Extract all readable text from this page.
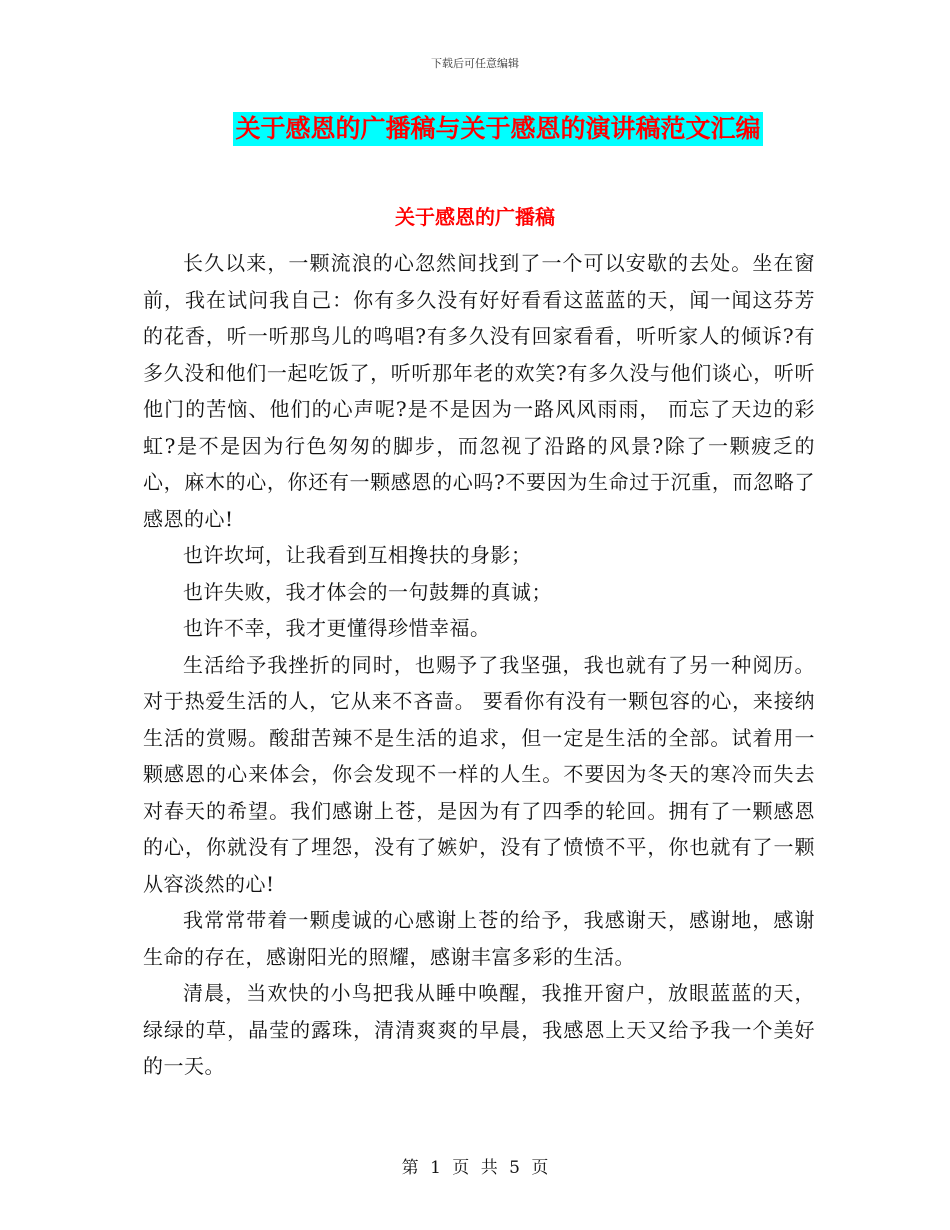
下载后可任意编辑
关于感恩的广播稿与关于感恩的演讲稿范文汇编
关于感恩的广播稿

长久以来，一颗流浪的心忽然间找到了一个可以安歇的去处。坐在窗前，我在试问我自己：你有多久没有好好看看这蓝蓝的天，闻一闻这芬芳的花香，听一听那鸟儿的鸣唱?有多久没有回家看看，听听家人的倾诉?有多久没和他们一起吃饭了，听听那年老的欢笑?有多久没与他们谈心，听听他门的苦恼、他们的心声呢?是不是因为一路风风雨雨， 而忘了天边的彩虹?是不是因为行色匆匆的脚步，而忽视了沿路的风景?除了一颗疲乏的心，麻木的心，你还有一颗感恩的心吗?不要因为生命过于沉重，而忽略了感恩的心!

也许坎坷，让我看到互相搀扶的身影；

也许失败，我才体会的一句鼓舞的真诚；

也许不幸，我才更懂得珍惜幸福。

生活给予我挫折的同时，也赐予了我坚强，我也就有了另一种阅历。对于热爱生活的人，它从来不吝啬。 要看你有没有一颗包容的心，来接纳生活的赏赐。酸甜苦辣不是生活的追求，但一定是生活的全部。试着用一颗感恩的心来体会，你会发现不一样的人生。不要因为冬天的寒冷而失去对春天的希望。我们感谢上苍，是因为有了四季的轮回。拥有了一颗感恩的心，你就没有了埋怨，没有了嫉妒，没有了愤愤不平，你也就有了一颗从容淡然的心!

我常常带着一颗虔诚的心感谢上苍的给予，我感谢天，感谢地，感谢生命的存在，感谢阳光的照耀，感谢丰富多彩的生活。

清晨，当欢快的小鸟把我从睡中唤醒，我推开窗户，放眼蓝蓝的天，绿绿的草，晶莹的露珠，清清爽爽的早晨，我感恩上天又给予我一个美好的一天。

第 1 页 共 5 页
